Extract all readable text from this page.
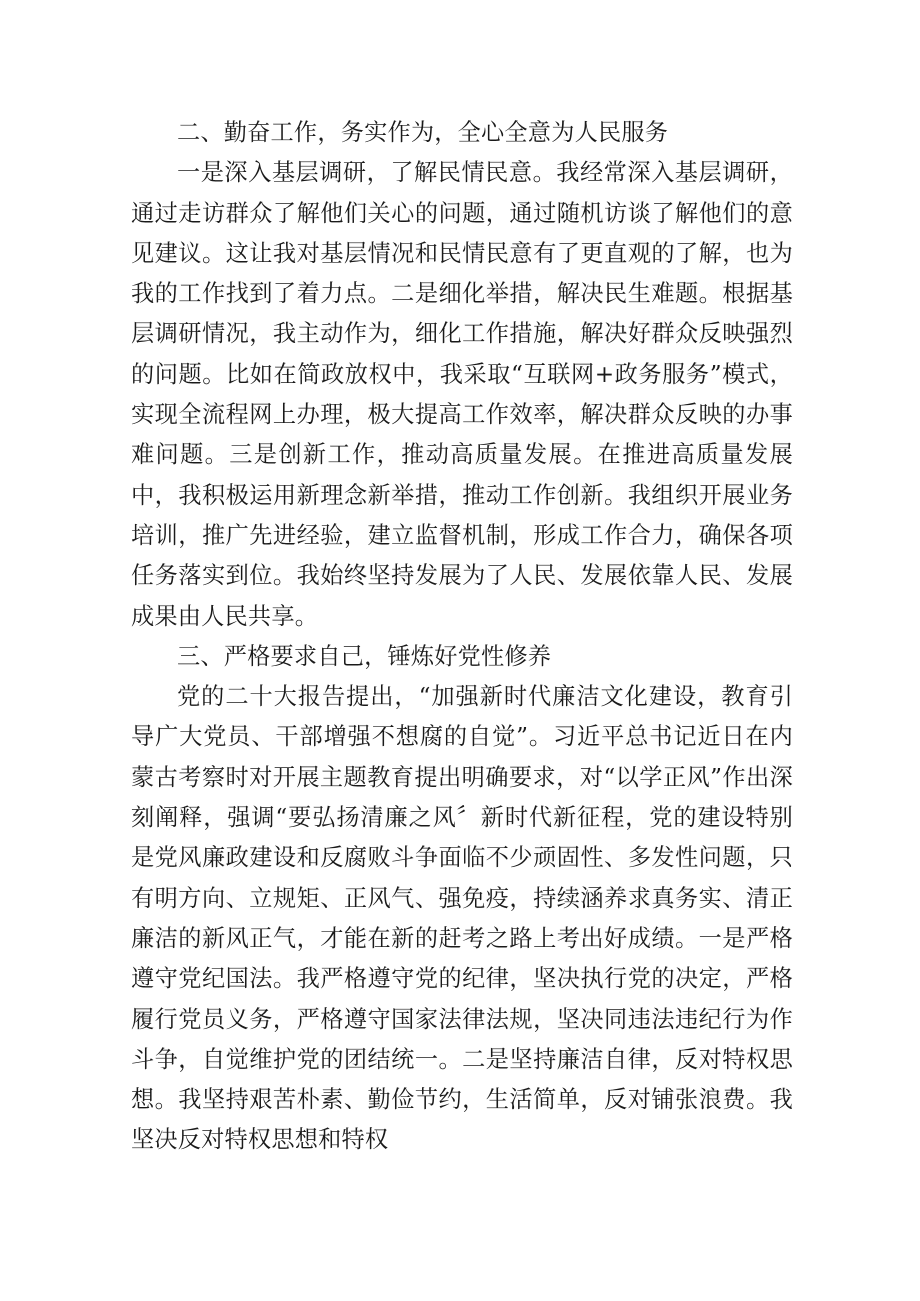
二、勤奋工作，务实作为，全心全意为人民服务

一是深入基层调研，了解民情民意。我经常深入基层调研，通过走访群众了解他们关心的问题，通过随机访谈了解他们的意见建议。这让我对基层情况和民情民意有了更直观的了解，也为我的工作找到了着力点。二是细化举措，解决民生难题。根据基层调研情况，我主动作为，细化工作措施，解决好群众反映强烈的问题。比如在简政放权中，我采取“互联网+政务服务”模式，实现全流程网上办理，极大提高工作效率，解决群众反映的办事难问题。三是创新工作，推动高质量发展。在推进高质量发展中，我积极运用新理念新举措，推动工作创新。我组织开展业务培训，推广先进经验，建立监督机制，形成工作合力，确保各项任务落实到位。我始终坚持发展为了人民、发展依靠人民、发展成果由人民共享。

三、严格要求自己，锤炼好党性修养

党的二十大报告提出，“加强新时代廉洁文化建设，教育引导广大党员、干部增强不想腐的自觉”。习近平总书记近日在内蒙古考察时对开展主题教育提出明确要求，对“以学正风”作出深刻阐释，强调“要弘扬清廉之风〞新时代新征程，党的建设特别是党风廉政建设和反腐败斗争面临不少顽固性、多发性问题，只有明方向、立规矩、正风气、强免疫，持续涵养求真务实、清正廉洁的新风正气，才能在新的赶考之路上考出好成绩。一是严格遵守党纪国法。我严格遵守党的纪律，坚决执行党的决定，严格履行党员义务，严格遵守国家法律法规，坚决同违法违纪行为作斗争，自觉维护党的团结统一。二是坚持廉洁自律，反对特权思想。我坚持艰苦朴素、勤俭节约，生活简单，反对铺张浪费。我坚决反对特权思想和特权
